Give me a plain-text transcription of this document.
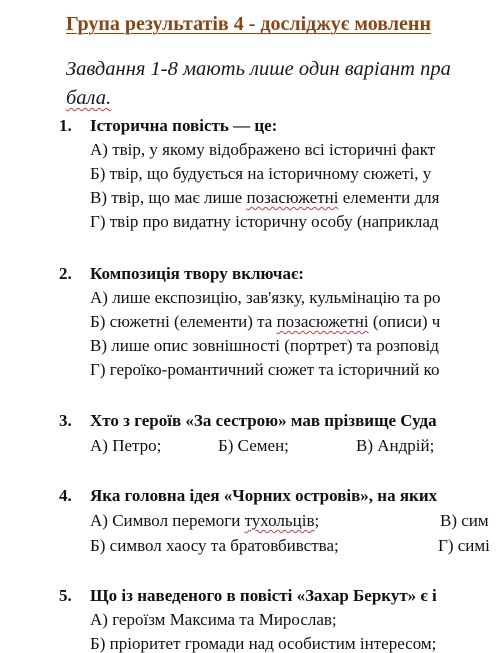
Група результатів 4 - досліджує мовленн
Завдання 1-8 мають лише один варіант пра
бала.
1. Історична повість — це:
А) твір, у якому відображено всі історичні факт
Б) твір, що будується на історичному сюжеті, у
В) твір, що має лише позасюжетні елементи для
Г) твір про видатну історичну особу (наприклад
2. Композиція твору включає:
А) лише експозицію, зав'язку, кульмінацію та ро
Б) сюжетні (елементи) та позасюжетні (описи) ч
В) лише опис зовнішності (портрет) та розповід
Г) героїко-романтичний сюжет та історичний ко
3. Хто з героїв «За сестрою» мав прізвище Суда
А) Петро;	Б) Семен;	В) Андрій;
4. Яка головна ідея «Чорних островів», на яких
А) Символ перемоги тухольців;	В) сим
Б) символ хаосу та братовбивства;	Г) симі
5. Що із наведеного в повісті «Захар Беркут» є і
А) героїзм Максима та Мирослав;
Б) пріоритет громади над особистим інтересом;
